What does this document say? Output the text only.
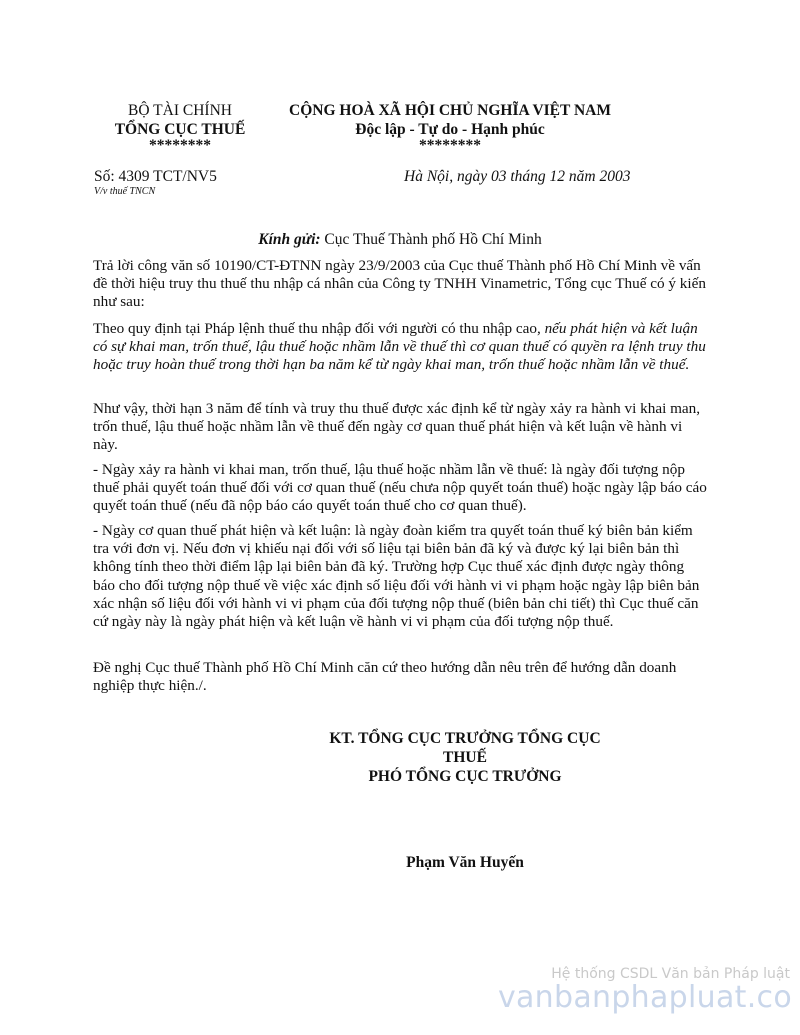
BỘ TÀI CHÍNH
TỔNG CỤC THUẾ
********
CỘNG HOÀ XÃ HỘI CHỦ NGHĨA VIỆT NAM
Độc lập - Tự do - Hạnh phúc
********
Số: 4309 TCT/NV5
V/v thuế TNCN
Hà Nội, ngày 03 tháng 12 năm 2003
Kính gửi: Cục Thuế Thành phố Hồ Chí Minh
Trả lời công văn số 10190/CT-ĐTNN ngày 23/9/2003 của Cục thuế Thành phố Hồ Chí Minh về vấn đề thời hiệu truy thu thuế thu nhập cá nhân của Công ty TNHH Vinametric, Tổng cục Thuế có ý kiến như sau:
Theo quy định tại Pháp lệnh thuế thu nhập đối với người có thu nhập cao, nếu phát hiện và kết luận có sự khai man, trốn thuế, lậu thuế hoặc nhầm lẫn về thuế thì cơ quan thuế có quyền ra lệnh truy thu hoặc truy hoàn thuế trong thời hạn ba năm kể từ ngày khai man, trốn thuế hoặc nhầm lẫn về thuế.
Như vậy, thời hạn 3 năm để tính và truy thu thuế được xác định kể từ ngày xảy ra hành vi khai man, trốn thuế, lậu thuế hoặc nhầm lẫn về thuế đến ngày cơ quan thuế phát hiện và kết luận về hành vi này.
- Ngày xảy ra hành vi khai man, trốn thuế, lậu thuế hoặc nhầm lẫn về thuế: là ngày đối tượng nộp thuế phải quyết toán thuế đối với cơ quan thuế (nếu chưa nộp quyết toán thuế) hoặc ngày lập báo cáo quyết toán thuế (nếu đã nộp báo cáo quyết toán thuế cho cơ quan thuế).
- Ngày cơ quan thuế phát hiện và kết luận: là ngày đoàn kiểm tra quyết toán thuế ký biên bản kiểm tra với đơn vị. Nếu đơn vị khiếu nại đối với số liệu tại biên bản đã ký và được ký lại biên bản thì không tính theo thời điểm lập lại biên bản đã ký. Trường hợp Cục thuế xác định được ngày thông báo cho đối tượng nộp thuế về việc xác định số liệu đối với hành vi vi phạm hoặc ngày lập biên bản xác nhận số liệu đối với hành vi vi phạm của đối tượng nộp thuế (biên bản chi tiết) thì Cục thuế căn cứ ngày này là ngày phát hiện và kết luận về hành vi vi phạm của đối tượng nộp thuế.
Đề nghị Cục thuế Thành phố Hồ Chí Minh căn cứ theo hướng dẫn nêu trên để hướng dẫn doanh nghiệp thực hiện./.
KT. TỔNG CỤC TRƯỞNG TỔNG CỤC
THUẾ
PHÓ TỔNG CỤC TRƯỞNG
Phạm Văn Huyến
Hệ thống CSDL Văn bản Pháp luật
vanbanphapluat.co
